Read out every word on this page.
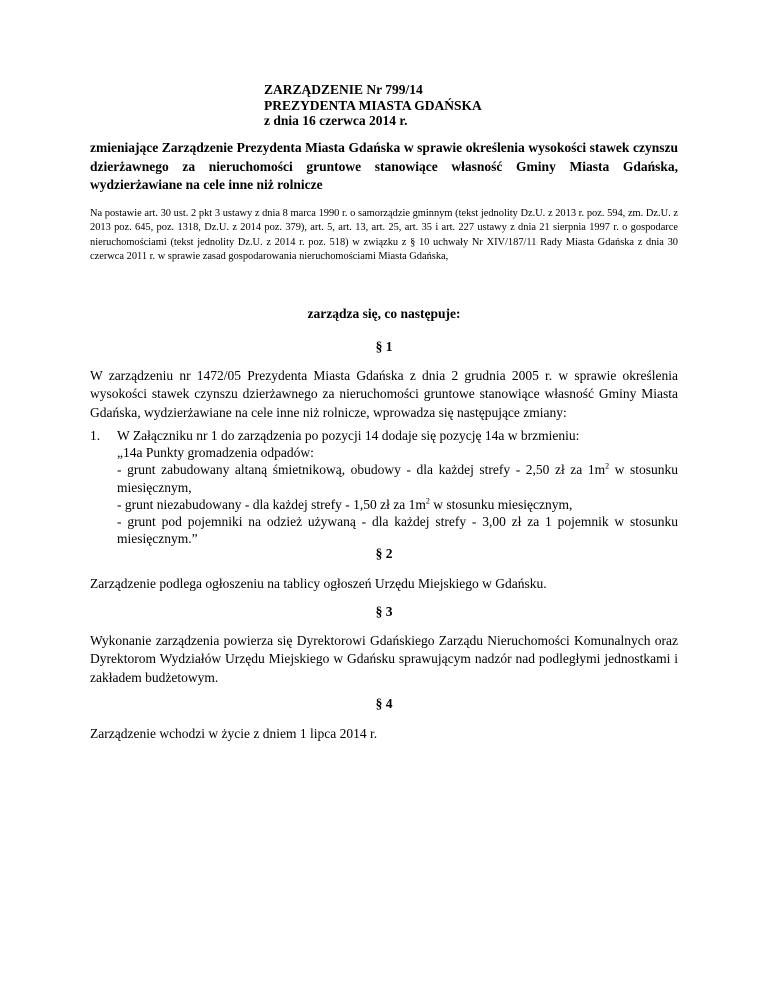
ZARZĄDZENIE Nr 799/14
PREZYDENTA MIASTA GDAŃSKA
z dnia 16 czerwca 2014 r.
zmieniające Zarządzenie Prezydenta Miasta Gdańska w sprawie określenia wysokości stawek czynszu dzierżawnego za nieruchomości gruntowe stanowiące własność Gminy Miasta Gdańska, wydzierżawiane na cele inne niż rolnicze
Na postawie art. 30 ust. 2 pkt 3 ustawy z dnia 8 marca 1990 r. o samorządzie gminnym (tekst jednolity Dz.U. z 2013 r. poz. 594, zm. Dz.U. z 2013 poz. 645, poz. 1318, Dz.U. z 2014 poz. 379), art. 5, art. 13, art. 25, art. 35 i art. 227 ustawy z dnia 21 sierpnia 1997 r. o gospodarce nieruchomościami (tekst jednolity Dz.U. z 2014 r. poz. 518) w związku z § 10 uchwały Nr XIV/187/11 Rady Miasta Gdańska z dnia 30 czerwca 2011 r. w sprawie zasad gospodarowania nieruchomościami Miasta Gdańska,
zarządza się, co następuje:
§ 1
W zarządzeniu nr 1472/05 Prezydenta Miasta Gdańska z dnia 2 grudnia 2005 r. w sprawie określenia wysokości stawek czynszu dzierżawnego za nieruchomości gruntowe stanowiące własność Gminy Miasta Gdańska, wydzierżawiane na cele inne niż rolnicze, wprowadza się następujące zmiany:
1. W Załączniku nr 1 do zarządzenia po pozycji 14 dodaje się pozycję 14a w brzmieniu:
„14a Punkty gromadzenia odpadów:
- grunt zabudowany altaną śmietnikową, obudowy - dla każdej strefy - 2,50 zł za $1m^2$ w stosunku miesięcznym,
- grunt niezabudowany - dla każdej strefy - 1,50 zł za $1m^2$ w stosunku miesięcznym,
- grunt pod pojemniki na odzież używaną - dla każdej strefy - 3,00 zł za 1 pojemnik w stosunku miesięcznym.”
§ 2
Zarządzenie podlega ogłoszeniu na tablicy ogłoszeń Urzędu Miejskiego w Gdańsku.
§ 3
Wykonanie zarządzenia powierza się Dyrektorowi Gdańskiego Zarządu Nieruchomości Komunalnych oraz Dyrektorom Wydziałów Urzędu Miejskiego w Gdańsku sprawującym nadzór nad podległymi jednostkami i zakładem budżetowym.
§ 4
Zarządzenie wchodzi w życie z dniem 1 lipca 2014 r.
